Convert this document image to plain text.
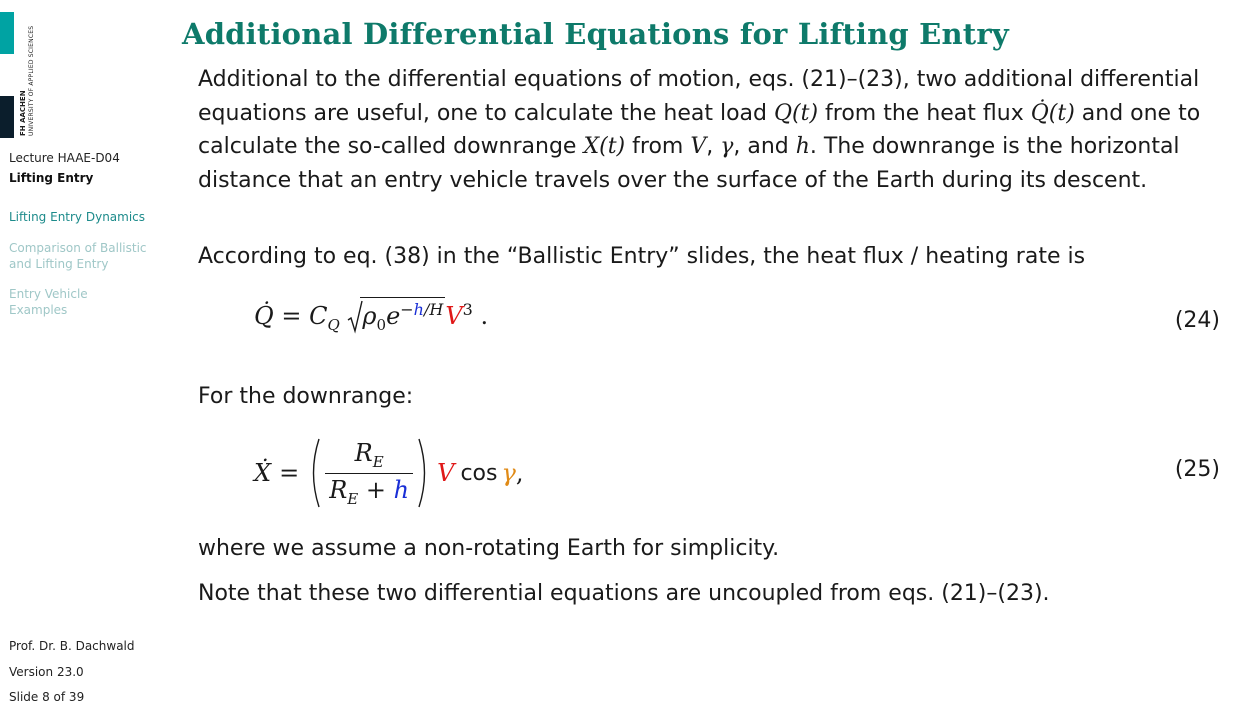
FH AACHEN UNIVERSITY OF APPLIED SCIENCES
Lecture HAAE-D04
Lifting Entry
Lifting Entry Dynamics
Comparison of Ballistic
and Lifting Entry
Entry Vehicle
Examples
Prof. Dr. B. Dachwald
Version 23.0
Slide 8 of 39
Additional Differential Equations for Lifting Entry
Additional to the differential equations of motion, eqs. (21)–(23), two additional differential equations are useful, one to calculate the heat load Q(t) from the heat flux Q̇(t) and one to calculate the so-called downrange X(t) from V, γ, and h. The downrange is the horizontal distance that an entry vehicle travels over the surface of the Earth during its descent.
According to eq. (38) in the “Ballistic Entry” slides, the heat flux / heating rate is
Q̇ = $C_Q$ $\rho_0e^{-h/H}V^3$ .	(24)
For the downrange:
Ẋ = $\frac{R_E}{R_E + h}$ V cos γ ,	(25)
where we assume a non-rotating Earth for simplicity.
Note that these two differential equations are uncoupled from eqs. (21)–(23).
